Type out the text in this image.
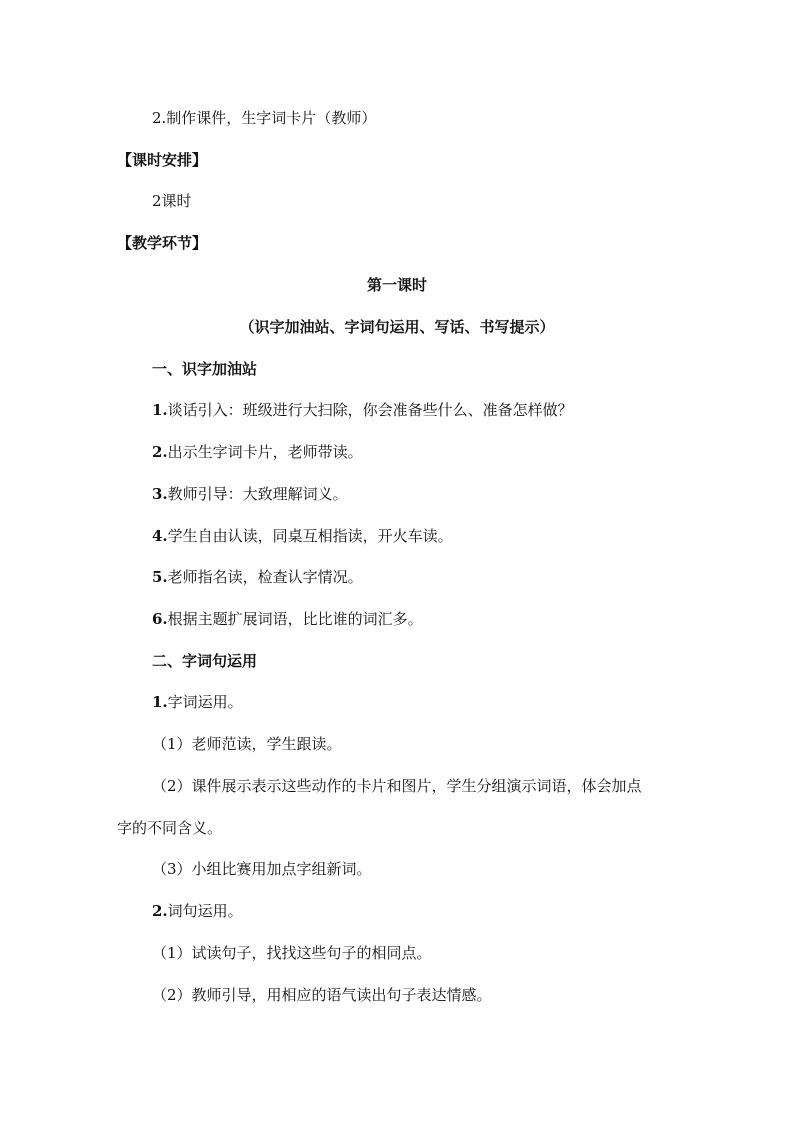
2.制作课件，生字词卡片（教师）
【课时安排】
2课时
【教学环节】
第一课时
（识字加油站、字词句运用、写话、书写提示）
一、识字加油站
1.谈话引入：班级进行大扫除，你会准备些什么、准备怎样做？
2.出示生字词卡片，老师带读。
3.教师引导：大致理解词义。
4.学生自由认读，同桌互相指读，开火车读。
5.老师指名读，检查认字情况。
6.根据主题扩展词语，比比谁的词汇多。
二、字词句运用
1.字词运用。
（1）老师范读，学生跟读。
（2）课件展示表示这些动作的卡片和图片，学生分组演示词语，体会加点
字的不同含义。
（3）小组比赛用加点字组新词。
2.词句运用。
（1）试读句子，找找这些句子的相同点。
（2）教师引导，用相应的语气读出句子表达情感。
